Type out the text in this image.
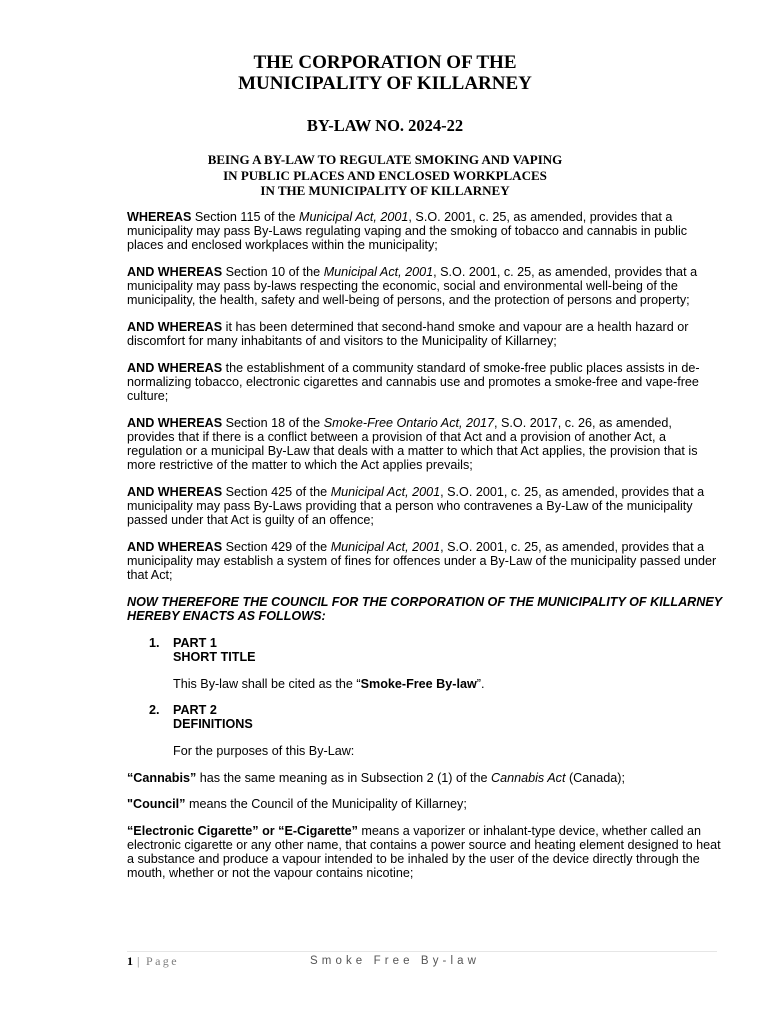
THE CORPORATION OF THE
MUNICIPALITY OF KILLARNEY
BY-LAW NO. 2024-22
BEING A BY-LAW TO REGULATE SMOKING AND VAPING
IN PUBLIC PLACES AND ENCLOSED WORKPLACES
IN THE MUNICIPALITY OF KILLARNEY

WHEREAS Section 115 of the Municipal Act, 2001, S.O. 2001, c. 25, as amended, provides that a municipality may pass By-Laws regulating vaping and the smoking of tobacco and cannabis in public places and enclosed workplaces within the municipality;

AND WHEREAS Section 10 of the Municipal Act, 2001, S.O. 2001, c. 25, as amended, provides that a municipality may pass by-laws respecting the economic, social and environmental well-being of the municipality, the health, safety and well-being of persons, and the protection of persons and property;

AND WHEREAS it has been determined that second-hand smoke and vapour are a health hazard or discomfort for many inhabitants of and visitors to the Municipality of Killarney;

AND WHEREAS the establishment of a community standard of smoke-free public places assists in de-normalizing tobacco, electronic cigarettes and cannabis use and promotes a smoke-free and vape-free culture;

AND WHEREAS Section 18 of the Smoke-Free Ontario Act, 2017, S.O. 2017, c. 26, as amended, provides that if there is a conflict between a provision of that Act and a provision of another Act, a regulation or a municipal By-Law that deals with a matter to which that Act applies, the provision that is more restrictive of the matter to which the Act applies prevails;

AND WHEREAS Section 425 of the Municipal Act, 2001, S.O. 2001, c. 25, as amended, provides that a municipality may pass By-Laws providing that a person who contravenes a By-Law of the municipality passed under that Act is guilty of an offence;

AND WHEREAS Section 429 of the Municipal Act, 2001, S.O. 2001, c. 25, as amended, provides that a municipality may establish a system of fines for offences under a By-Law of the municipality passed under that Act;

NOW THEREFORE THE COUNCIL FOR THE CORPORATION OF THE MUNICIPALITY OF KILLARNEY HEREBY ENACTS AS FOLLOWS:

1.	PART 1
SHORT TITLE

This By-law shall be cited as the “Smoke-Free By-law”.

2.	PART 2
DEFINITIONS

For the purposes of this By-Law:

“Cannabis” has the same meaning as in Subsection 2 (1) of the Cannabis Act (Canada);

"Council” means the Council of the Municipality of Killarney;

“Electronic Cigarette” or “E-Cigarette” means a vaporizer or inhalant-type device, whether called an electronic cigarette or any other name, that contains a power source and heating element designed to heat a substance and produce a vapour intended to be inhaled by the user of the device directly through the mouth, whether or not the vapour contains nicotine;

1 | Page	Smoke Free By-law
